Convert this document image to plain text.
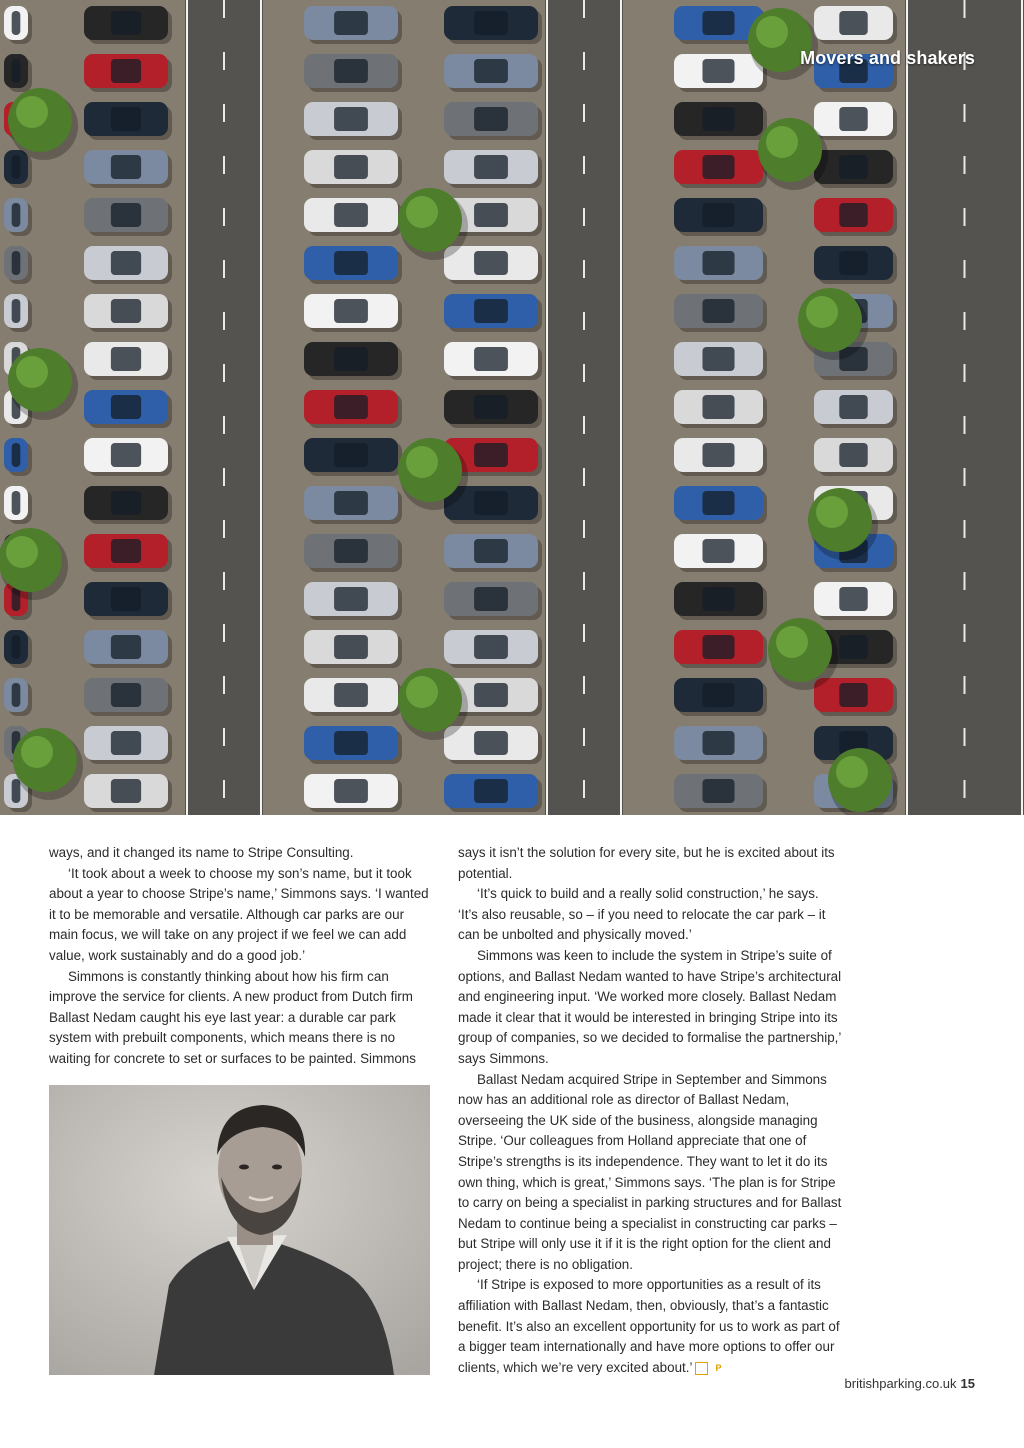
Movers and shakers

ways, and it changed its name to Stripe Consulting.

‘It took about a week to choose my son’s name, but it took about a year to choose Stripe’s name,’ Simmons says. ‘I wanted it to be memorable and versatile. Although car parks are our main focus, we will take on any project if we feel we can add value, work sustainably and do a good job.’

Simmons is constantly thinking about how his firm can improve the service for clients. A new product from Dutch firm Ballast Nedam caught his eye last year: a durable car park system with prebuilt components, which means there is no waiting for concrete to set or surfaces to be painted. Simmons

says it isn’t the solution for every site, but he is excited about its potential.

‘It’s quick to build and a really solid construction,’ he says. ‘It’s also reusable, so – if you need to relocate the car park – it can be unbolted and physically moved.’

Simmons was keen to include the system in Stripe’s suite of options, and Ballast Nedam wanted to have Stripe’s architectural and engineering input. ‘We worked more closely. Ballast Nedam made it clear that it would be interested in bringing Stripe into its group of companies, so we decided to formalise the partnership,’ says Simmons.

Ballast Nedam acquired Stripe in September and Simmons now has an additional role as director of Ballast Nedam, overseeing the UK side of the business, alongside managing Stripe. ‘Our colleagues from Holland appreciate that one of Stripe’s strengths is its independence. They want to let it do its own thing, which is great,’ Simmons says. ‘The plan is for Stripe to carry on being a specialist in parking structures and for Ballast Nedam to continue being a specialist in constructing car parks – but Stripe will only use it if it is the right option for the client and project; there is no obligation.

‘If Stripe is exposed to more opportunities as a result of its affiliation with Ballast Nedam, then, obviously, that’s a fantastic benefit. It’s also an excellent opportunity for us to work as part of a bigger team internationally and have more options to offer our clients, which we’re very excited about.’	P

britishparking.co.uk 15
